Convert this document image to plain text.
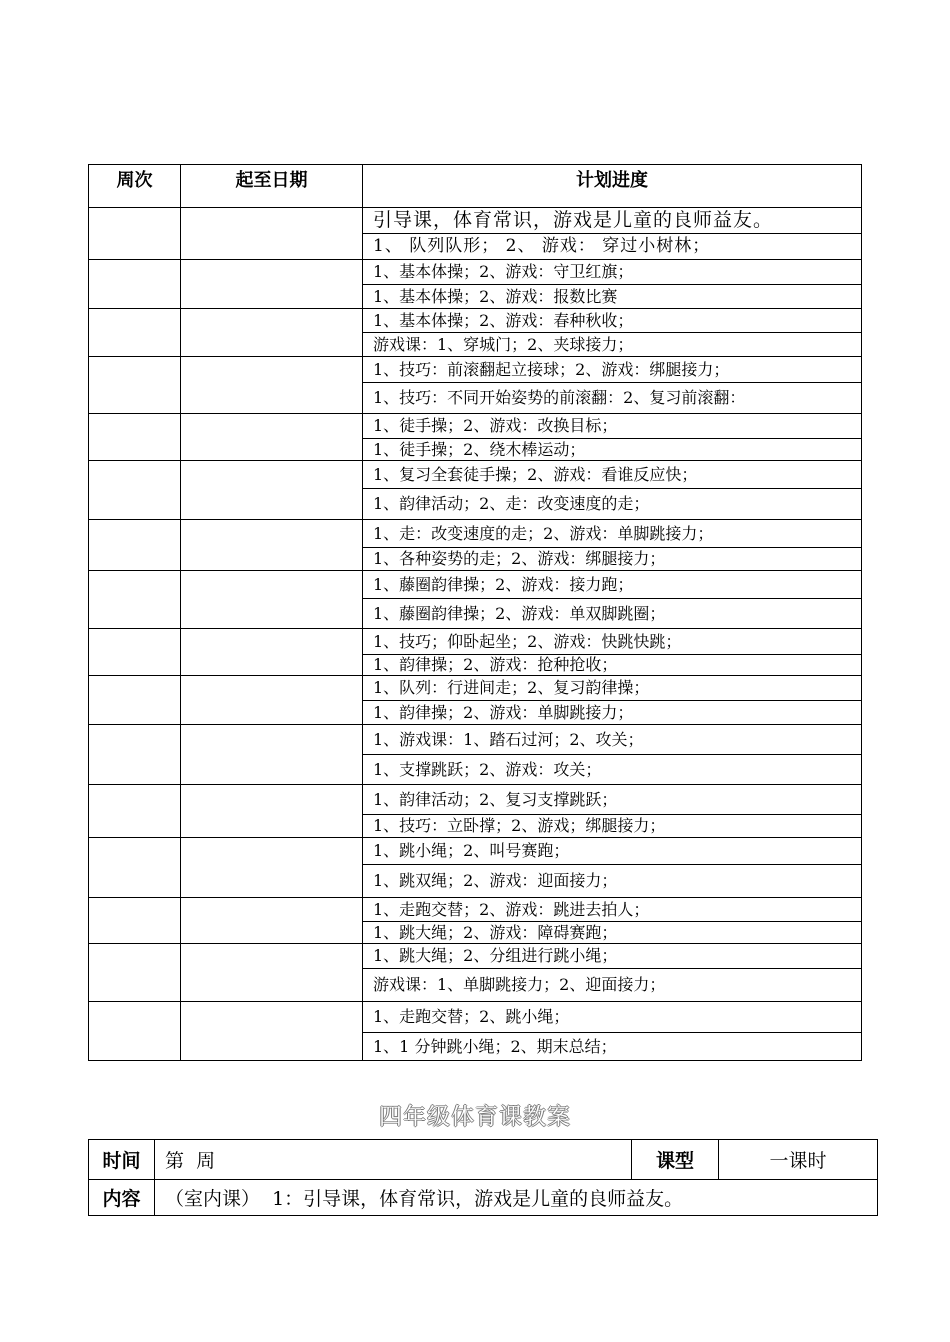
周次	起至日期	计划进度
		引导课，体育常识，游戏是儿童的良师益友。
		1、 队列队形； 2、 游戏： 穿过小树林；
		1、基本体操；2、游戏：守卫红旗；
		1、基本体操；2、游戏：报数比赛
		1、基本体操；2、游戏：春种秋收；
		游戏课：1、穿城门；2、夹球接力；
		1、技巧：前滚翻起立接球；2、游戏：绑腿接力；
		1、技巧：不同开始姿势的前滚翻：2、复习前滚翻：
		1、徒手操；2、游戏：改换目标；
		1、徒手操；2、绕木棒运动；
		1、复习全套徒手操；2、游戏：看谁反应快；
		1、韵律活动；2、走：改变速度的走；
		1、走：改变速度的走；2、游戏：单脚跳接力；
		1、各种姿势的走；2、游戏：绑腿接力；
		1、藤圈韵律操；2、游戏：接力跑；
		1、藤圈韵律操；2、游戏：单双脚跳圈；
		1、技巧；仰卧起坐；2、游戏：快跳快跳；
		1、韵律操；2、游戏：抢种抢收；
		1、队列：行进间走；2、复习韵律操；
		1、韵律操；2、游戏：单脚跳接力；
		1、游戏课：1、踏石过河；2、攻关；
		1、支撑跳跃；2、游戏：攻关；
		1、韵律活动；2、复习支撑跳跃；
		1、技巧：立卧撑；2、游戏；绑腿接力；
		1、跳小绳；2、叫号赛跑；
		1、跳双绳；2、游戏：迎面接力；
		1、走跑交替；2、游戏：跳进去拍人；
		1、跳大绳；2、游戏：障碍赛跑；
		1、跳大绳；2、分组进行跳小绳；
		游戏课：1、单脚跳接力；2、迎面接力；
		1、走跑交替；2、跳小绳；
		1、1 分钟跳小绳；2、期末总结；
四年级体育课教案
时间	第  周	课型	一课时
内容	（室内课）  1：引导课，体育常识，游戏是儿童的良师益友。		
